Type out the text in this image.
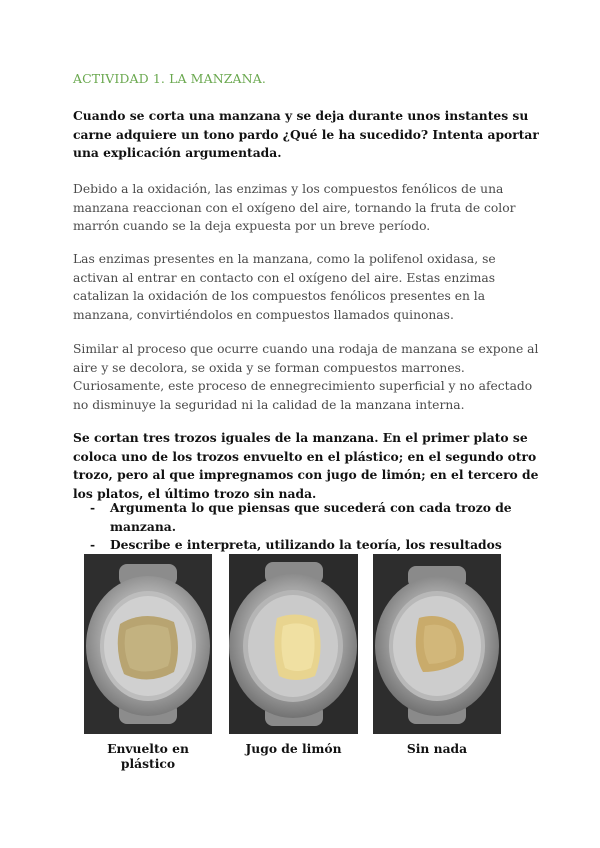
ACTIVIDAD 1. LA MANZANA.

Cuando se corta una manzana y se deja durante unos instantes su carne adquiere un tono pardo ¿Qué le ha sucedido? Intenta aportar una explicación argumentada.

Debido a la oxidación, las enzimas y los compuestos fenólicos de una manzana reaccionan con el oxígeno del aire, tornando la fruta de color marrón cuando se la deja expuesta por un breve período.

Las enzimas presentes en la manzana, como la polifenol oxidasa, se activan al entrar en contacto con el oxígeno del aire. Estas enzimas catalizan la oxidación de los compuestos fenólicos presentes en la manzana, convirtiéndolos en compuestos llamados quinonas.

Similar al proceso que ocurre cuando una rodaja de manzana se expone al aire y se decolora, se oxida y se forman compuestos marrones. Curiosamente, este proceso de ennegrecimiento superficial y no afectado no disminuye la seguridad ni la calidad de la manzana interna.

Se cortan tres trozos iguales de la manzana. En el primer plato se coloca uno de los trozos envuelto en el plástico; en el segundo otro trozo, pero al que impregnamos con jugo de limón; en el tercero de los platos, el último trozo sin nada.

- Argumenta lo que piensas que sucederá con cada trozo de manzana.
- Describe e interpreta, utilizando la teoría, los resultados
Envuelto en plástico
Jugo de limón	Sin nada
